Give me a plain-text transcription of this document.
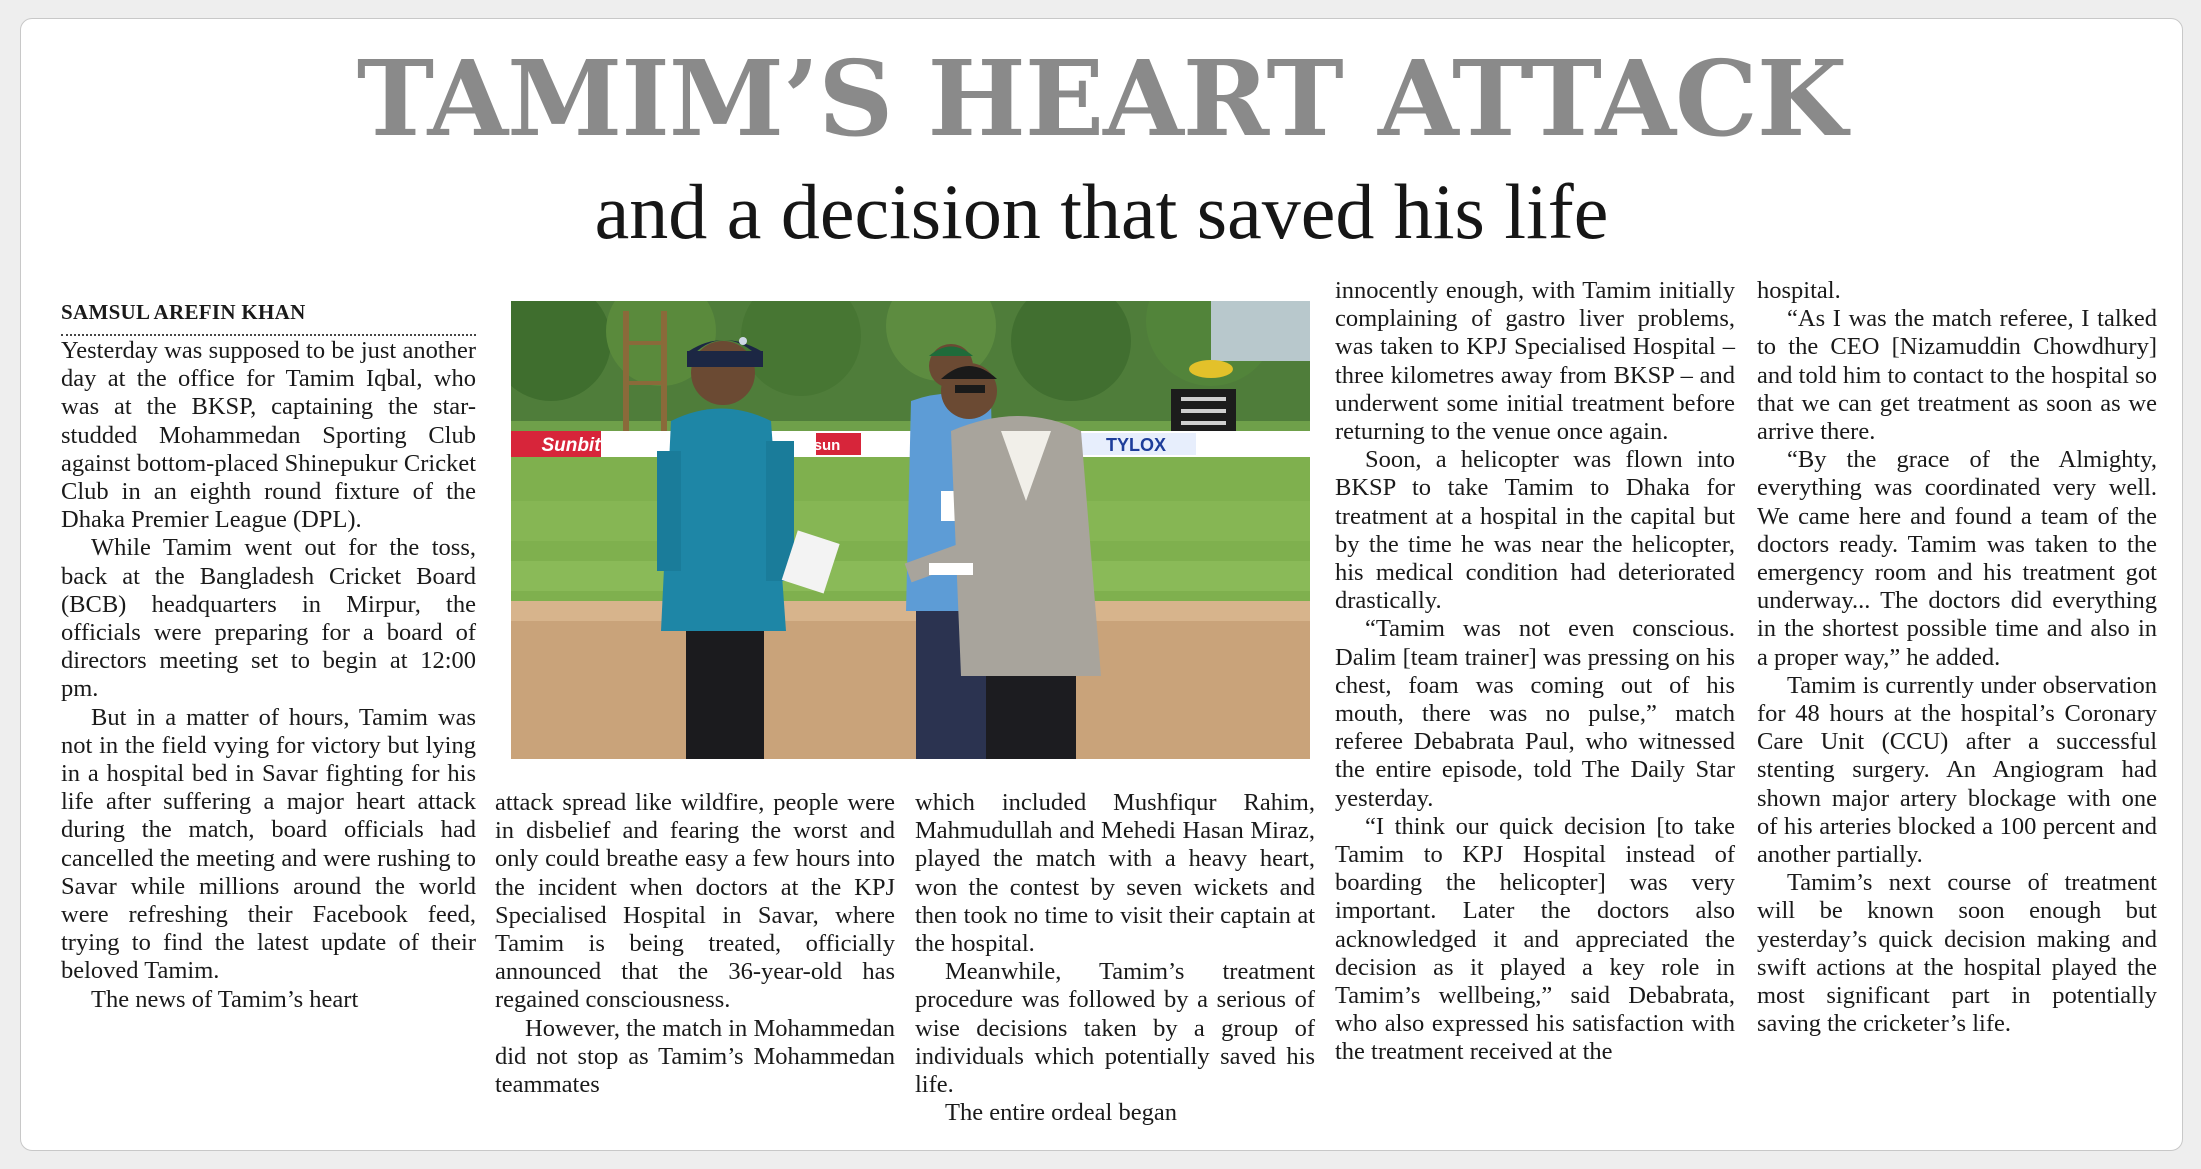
TAMIM’S HEART ATTACK
and a decision that saved his life
SAMSUL AREFIN KHAN
Sunbit	sun	TYLOX

Yesterday was supposed to be just another day at the office for Tamim Iqbal, who was at the BKSP, captaining the star-studded Mohammedan Sporting Club against bottom-placed Shinepukur Cricket Club in an eighth round fixture of the Dhaka Premier League (DPL).

While Tamim went out for the toss, back at the Bangladesh Cricket Board (BCB) headquarters in Mirpur, the officials were preparing for a board of directors meeting set to begin at 12:00 pm.

But in a matter of hours, Tamim was not in the field vying for victory but lying in a hospital bed in Savar fighting for his life after suffering a major heart attack during the match, board officials had cancelled the meeting and were rushing to Savar while millions around the world were refreshing their Facebook feed, trying to find the latest update of their beloved Tamim.

The news of Tamim’s heart

attack spread like wildfire, people were in disbelief and fearing the worst and only could breathe easy a few hours into the incident when doctors at the KPJ Specialised Hospital in Savar, where Tamim is being treated, officially announced that the 36-year-old has regained consciousness.

However, the match in Mohammedan did not stop as Tamim’s Mohammedan teammates

which included Mushfiqur Rahim, Mahmudullah and Mehedi Hasan Miraz, played the match with a heavy heart, won the contest by seven wickets and then took no time to visit their captain at the hospital.

Meanwhile, Tamim’s treatment procedure was followed by a serious of wise decisions taken by a group of individuals which potentially saved his life.

The entire ordeal began

innocently enough, with Tamim initially complaining of gastro liver problems, was taken to KPJ Specialised Hospital – three kilometres away from BKSP – and underwent some initial treatment before returning to the venue once again.

Soon, a helicopter was flown into BKSP to take Tamim to Dhaka for treatment at a hospital in the capital but by the time he was near the helicopter, his medical condition had deteriorated drastically.

“Tamim was not even conscious. Dalim [team trainer] was pressing on his chest, foam was coming out of his mouth, there was no pulse,” match referee Debabrata Paul, who witnessed the entire episode, told The Daily Star yesterday.

“I think our quick decision [to take Tamim to KPJ Hospital instead of boarding the helicopter] was very important. Later the doctors also acknowledged it and appreciated the decision as it played a key role in Tamim’s wellbeing,” said Debabrata, who also expressed his satisfaction with the treatment received at the

hospital.

“As I was the match referee, I talked to the CEO [Nizamuddin Chowdhury] and told him to contact to the hospital so that we can get treatment as soon as we arrive there.

“By the grace of the Almighty, everything was coordinated very well. We came here and found a team of the doctors ready. Tamim was taken to the emergency room and his treatment got underway... The doctors did everything in the shortest possible time and also in a proper way,” he added.

Tamim is currently under observation for 48 hours at the hospital’s Coronary Care Unit (CCU) after a successful stenting surgery. An Angiogram had shown major artery blockage with one of his arteries blocked a 100 percent and another partially.

Tamim’s next course of treatment will be known soon enough but yesterday’s quick decision making and swift actions at the hospital played the most significant part in potentially saving the cricketer’s life.
